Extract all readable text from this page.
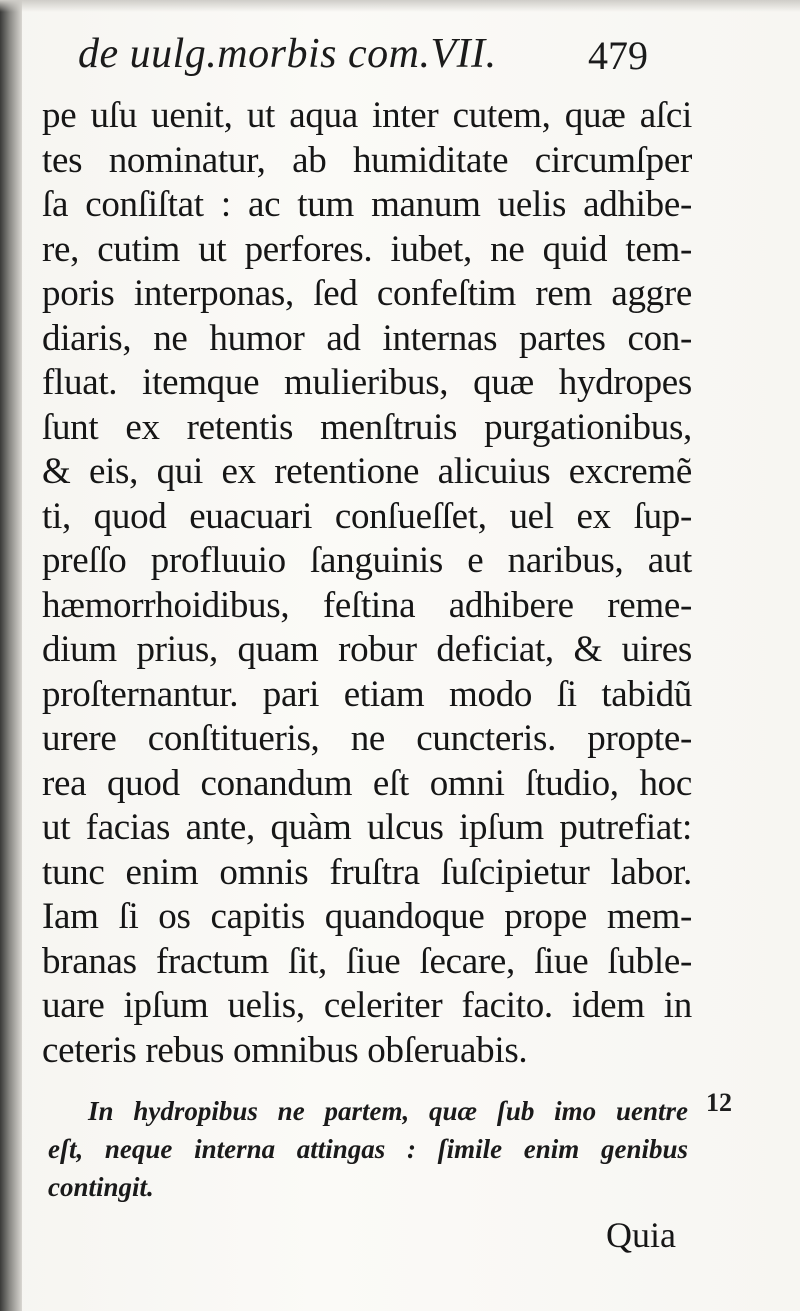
de uulg.morbis com.VII. 479
pe uſu uenit, ut aqua inter cutem, quæ aſci
tes nominatur, ab humiditate circumſper
ſa conſiſtat : ac tum manum uelis adhibe-
re, cutim ut perfores. iubet, ne quid tem-
poris interponas, ſed confeſtim rem aggre
diaris, ne humor ad internas partes con-
fluat. itemque mulieribus, quæ hydropes
ſunt ex retentis menſtruis purgationibus,
& eis, qui ex retentione alicuius excremẽ
ti, quod euacuari conſueſſet, uel ex ſup-
preſſo profluuio ſanguinis e naribus, aut
hæmorrhoidibus, feſtina adhibere reme-
dium prius, quam robur deficiat, & uires
proſternantur. pari etiam modo ſi tabidũ
urere conſtitueris, ne cuncteris. propte-
rea quod conandum eſt omni ſtudio, hoc
ut facias ante, quàm ulcus ipſum putrefiat:
tunc enim omnis fruſtra ſuſcipietur labor.
Iam ſi os capitis quandoque prope mem-
branas fractum ſit, ſiue ſecare, ſiue ſuble-
uare ipſum uelis, celeriter facito. idem in
ceteris rebus omnibus obſeruabis.
12
In hydropibus ne partem, quæ ſub imo uentre
eſt, neque interna attingas : ſimile enim genibus
contingit.
Quia
